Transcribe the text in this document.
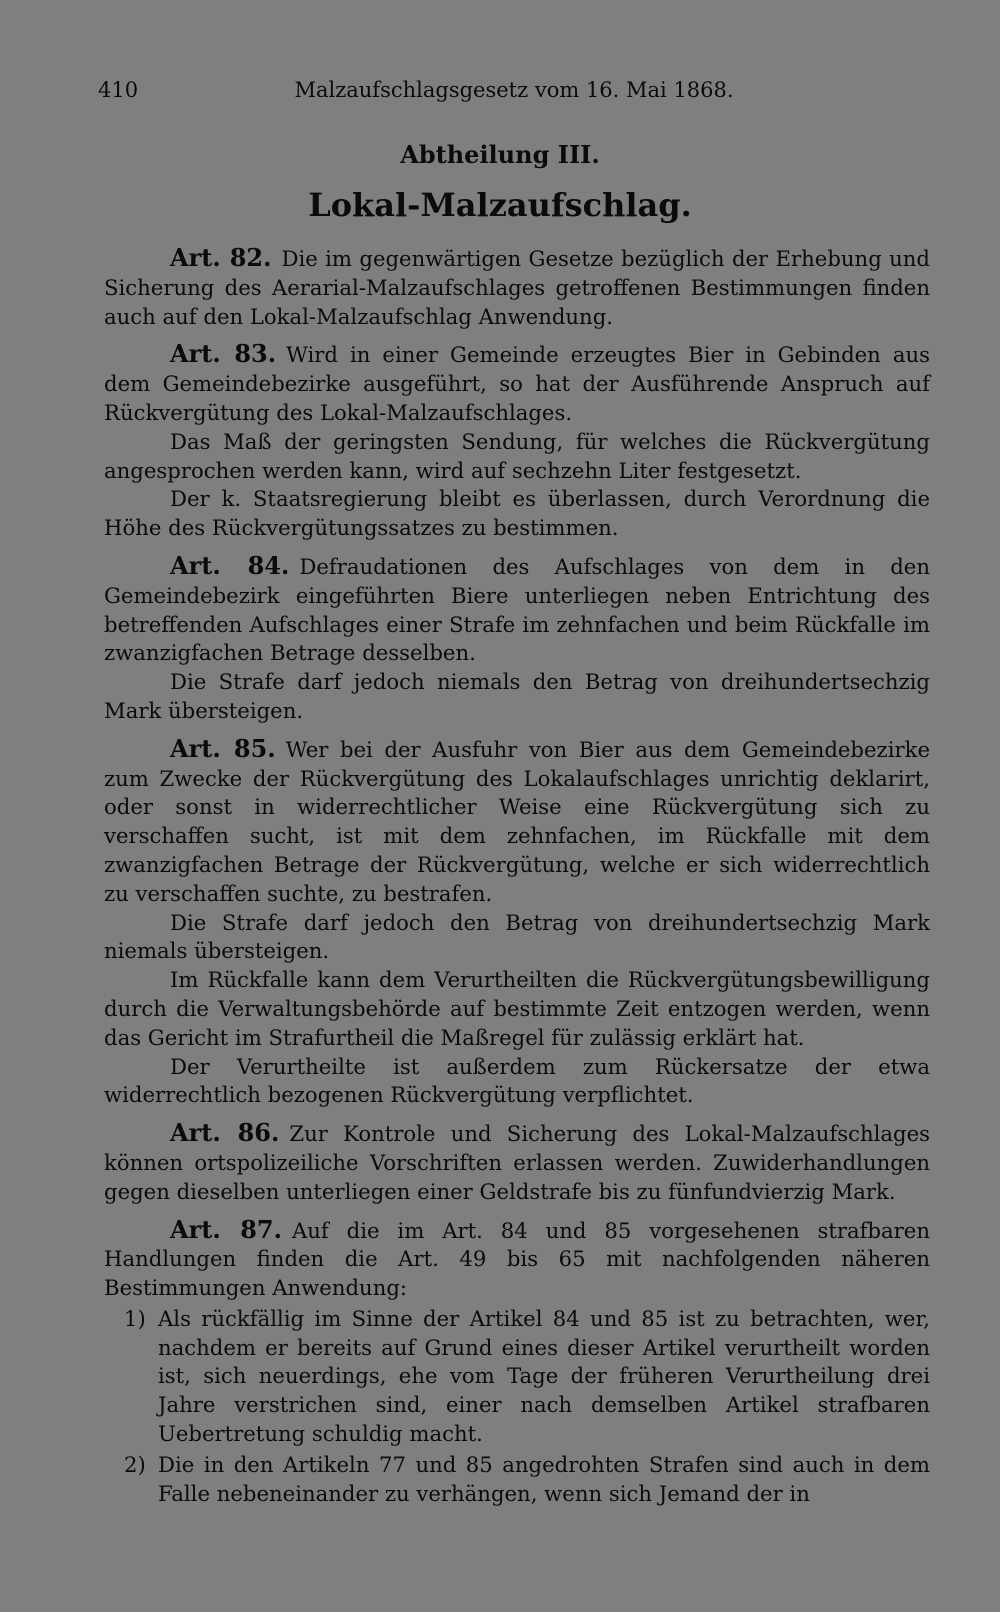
410	Malzaufschlagsgesetz vom 16. Mai 1868.
Abtheilung III.
Lokal-Malzaufschlag.

Art. 82. Die im gegenwärtigen Gesetze bezüglich der Erhebung und Sicherung des Aerarial-Malzaufschlages getroffenen Bestimmungen finden auch auf den Lokal-Malzaufschlag Anwendung.

Art. 83. Wird in einer Gemeinde erzeugtes Bier in Gebinden aus dem Gemeindebezirke ausgeführt, so hat der Ausführende Anspruch auf Rückvergütung des Lokal-Malzaufschlages.

Das Maß der geringsten Sendung, für welches die Rückvergütung angesprochen werden kann, wird auf sechzehn Liter festgesetzt.

Der k. Staatsregierung bleibt es überlassen, durch Verordnung die Höhe des Rückvergütungssatzes zu bestimmen.

Art. 84. Defraudationen des Aufschlages von dem in den Gemeindebezirk eingeführten Biere unterliegen neben Entrichtung des betreffenden Aufschlages einer Strafe im zehnfachen und beim Rückfalle im zwanzigfachen Betrage desselben.

Die Strafe darf jedoch niemals den Betrag von dreihundertsechzig Mark übersteigen.

Art. 85. Wer bei der Ausfuhr von Bier aus dem Gemeindebezirke zum Zwecke der Rückvergütung des Lokalaufschlages unrichtig deklarirt, oder sonst in widerrechtlicher Weise eine Rückvergütung sich zu verschaffen sucht, ist mit dem zehnfachen, im Rückfalle mit dem zwanzigfachen Betrage der Rückvergütung, welche er sich widerrechtlich zu verschaffen suchte, zu bestrafen.

Die Strafe darf jedoch den Betrag von dreihundertsechzig Mark niemals übersteigen.

Im Rückfalle kann dem Verurtheilten die Rückvergütungsbewilligung durch die Verwaltungsbehörde auf bestimmte Zeit entzogen werden, wenn das Gericht im Strafurtheil die Maßregel für zulässig erklärt hat.

Der Verurtheilte ist außerdem zum Rückersatze der etwa widerrechtlich bezogenen Rückvergütung verpflichtet.

Art. 86. Zur Kontrole und Sicherung des Lokal-Malzaufschlages können ortspolizeiliche Vorschriften erlassen werden. Zuwiderhandlungen gegen dieselben unterliegen einer Geldstrafe bis zu fünfundvierzig Mark.

Art. 87. Auf die im Art. 84 und 85 vorgesehenen strafbaren Handlungen finden die Art. 49 bis 65 mit nachfolgenden näheren Bestimmungen Anwendung:

1) Als rückfällig im Sinne der Artikel 84 und 85 ist zu betrachten, wer, nachdem er bereits auf Grund eines dieser Artikel verurtheilt worden ist, sich neuerdings, ehe vom Tage der früheren Verurtheilung drei Jahre verstrichen sind, einer nach demselben Artikel strafbaren Uebertretung schuldig macht.
2) Die in den Artikeln 77 und 85 angedrohten Strafen sind auch in dem Falle nebeneinander zu verhängen, wenn sich Jemand der in
